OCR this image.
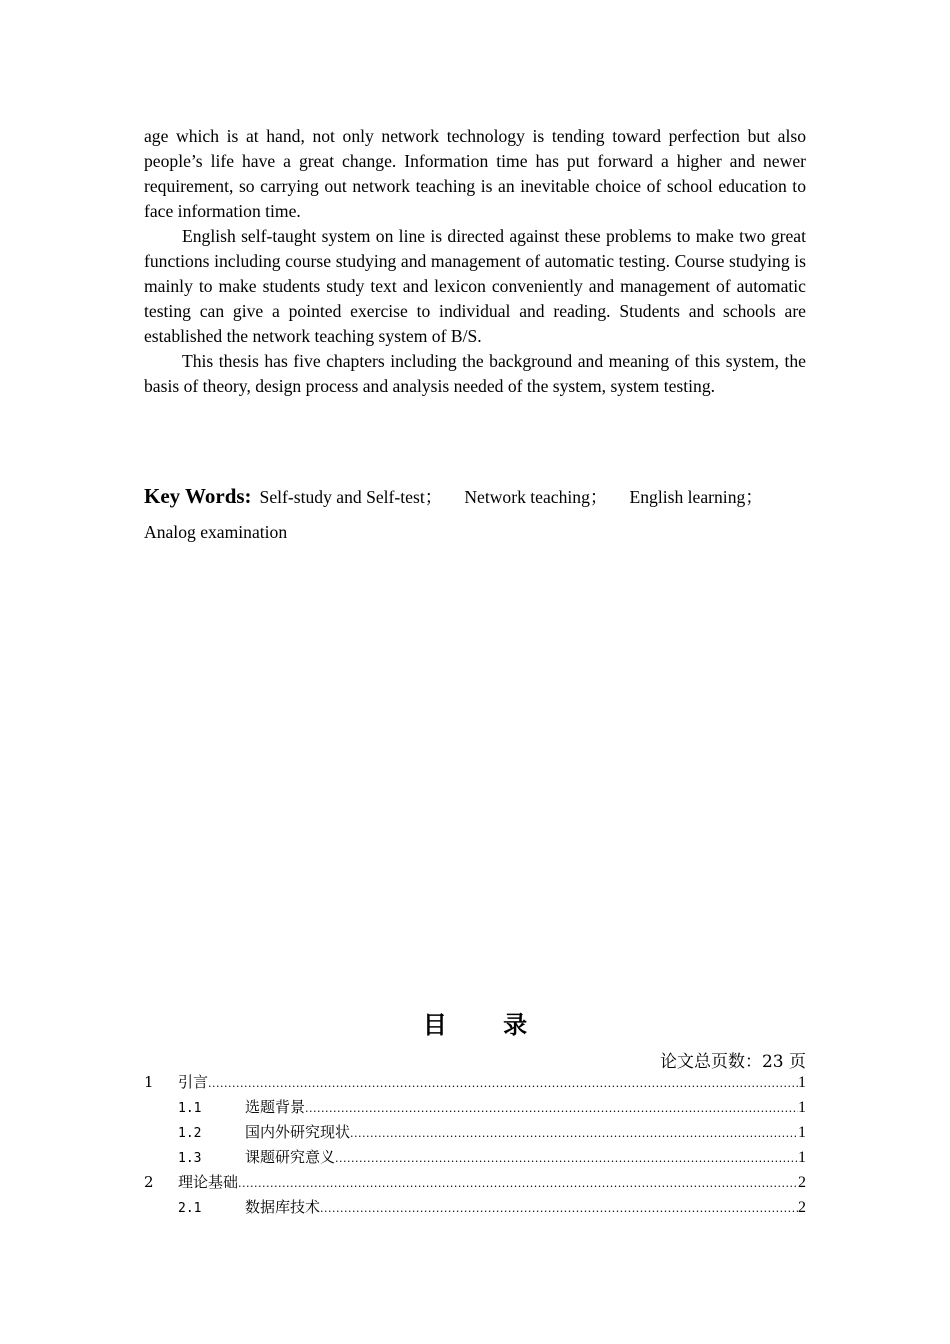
age which is at hand, not only network technology is tending toward perfection but also people’s life have a great change. Information time has put forward a higher and newer requirement, so carrying out network teaching is an inevitable choice of school education to face information time.

English self-taught system on line is directed against these problems to make two great functions including course studying and management of automatic testing. Course studying is mainly to make students study text and lexicon conveniently and management of automatic testing can give a pointed exercise to individual and reading. Students and schools are established the network teaching system of B/S.

This thesis has five chapters including the background and meaning of this system, the basis of theory, design process and analysis needed of the system, system testing.

Key Words: Self-study and Self-test ； Network teaching ； English learning ；
Analog examination
目 录
论文总页数：23 页
1	引言 .....	1
1.1	选题背景 .....	1
1.2	国内外研究现状 .....	1
1.3	课题研究意义 .....	1
2	理论基础 .....	2
2.1	数据库技术 .....	2
